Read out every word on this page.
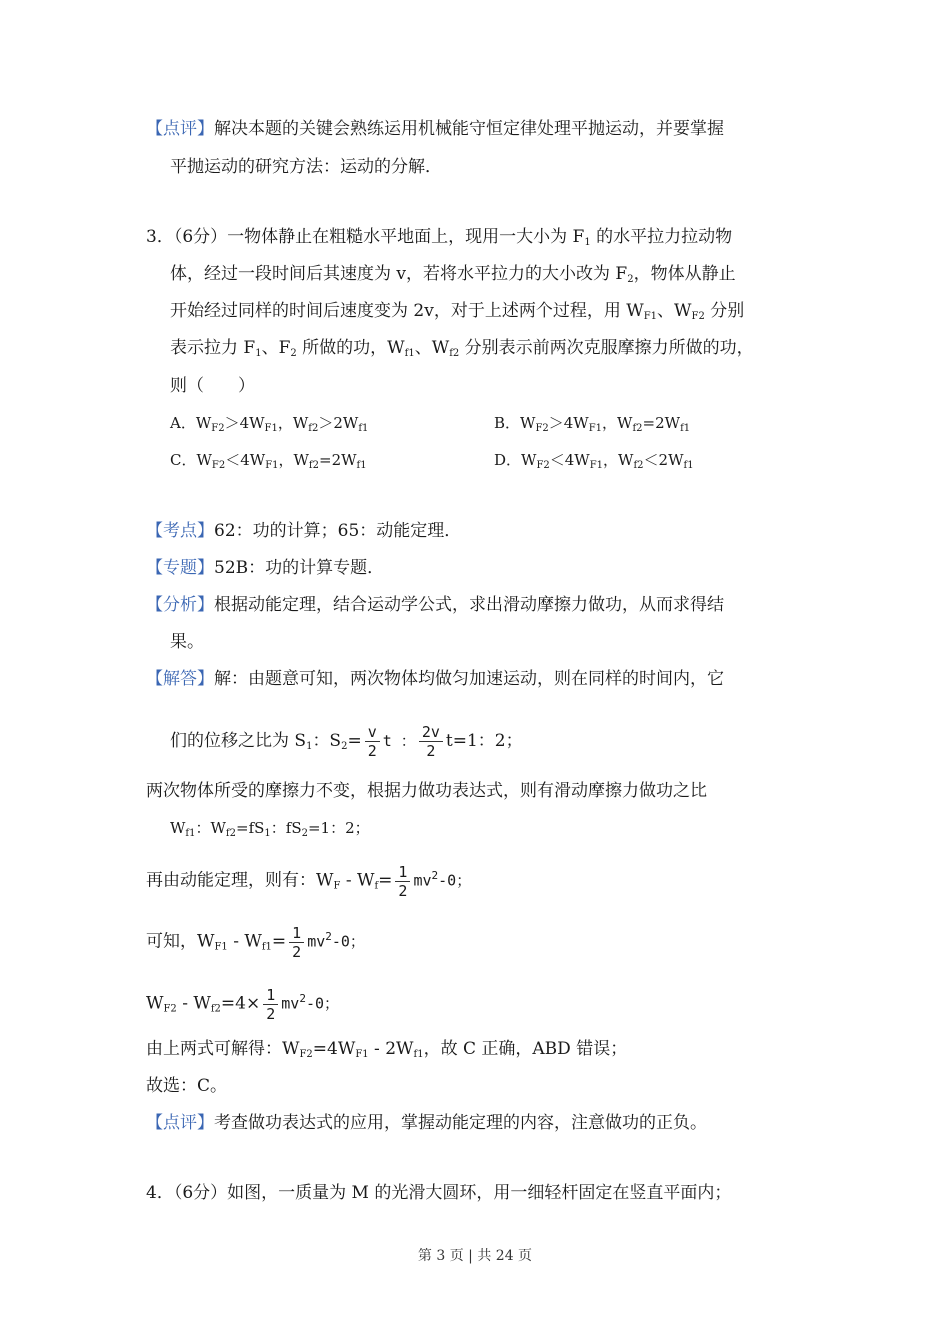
【点评】解决本题的关键会熟练运用机械能守恒定律处理平抛运动，并要掌握
平抛运动的研究方法：运动的分解．
3．（6分）一物体静止在粗糙水平地面上，现用一大小为 $F_1$ 的水平拉力拉动物
体，经过一段时间后其速度为 v，若将水平拉力的大小改为 $F_2$，物体从静止
开始经过同样的时间后速度变为 2v，对于上述两个过程，用 $W_{F1}$、$W_{F2}$ 分别
表示拉力 $F_1$、$F_2$ 所做的功，$W_{f1}$、$W_{f2}$ 分别表示前两次克服摩擦力所做的功，
则（　　）
A．$W_{F2}>4W_{F1}$，$W_{f2}>2W_{f1}$	B．$W_{F2}>4W_{F1}$，$W_{f2}=2W_{f1}$
C．$W_{F2}<4W_{F1}$，$W_{f2}=2W_{f1}$	D．$W_{F2}<4W_{F1}$，$W_{f2}<2W_{f1}$
【考点】62：功的计算；65：动能定理．
【专题】52B：功的计算专题．
【分析】根据动能定理，结合运动学公式，求出滑动摩擦力做功，从而求得结
果。
【解答】解：由题意可知，两次物体均做匀加速运动，则在同样的时间内，它
们的位移之比为 $S_1$：$S_2= \frac{v}{2}$ t ： $\frac{2v}{2} t=1$：2；
两次物体所受的摩擦力不变，根据力做功表达式，则有滑动摩擦力做功之比
$W_{f1}$：$W_{f2}=fS_1$：$fS_2=1$：2；
再由动能定理，则有：$W_F - W_f= \frac{1}{2} mv^2-0$；
可知，$W_{F1} - W_{f1}= \frac{1}{2} mv^2-0$；
$W_{F2} - W_{f2}=4\times \frac{1}{2} mv^2-0$；
由上两式可解得：$W_{F2}=4W_{F1} - 2W_{f1}$，故 C 正确，ABD 错误；
故选：C。
【点评】考查做功表达式的应用，掌握动能定理的内容，注意做功的正负。
4．（6分）如图，一质量为 M 的光滑大圆环，用一细轻杆固定在竖直平面内；
第 3 页 | 共 24 页
